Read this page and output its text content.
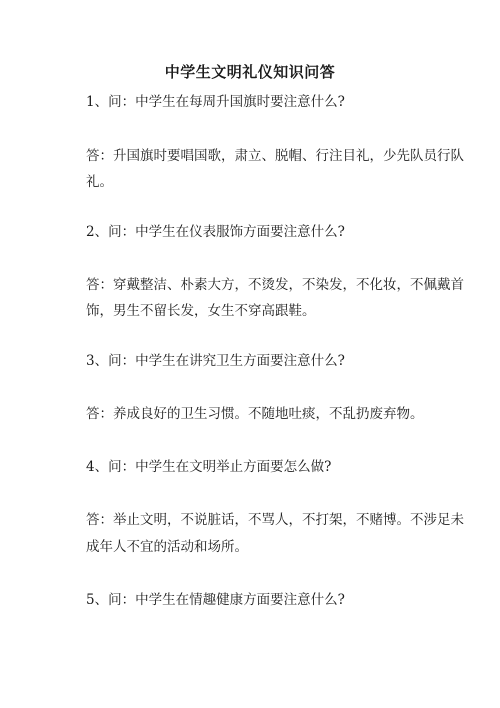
中学生文明礼仪知识问答
1、问：中学生在每周升国旗时要注意什么?
答：升国旗时要唱国歌，肃立、脱帽、行注目礼，少先队员行队
礼。
2、问：中学生在仪表服饰方面要注意什么?
答：穿戴整洁、朴素大方，不烫发，不染发，不化妆，不佩戴首
饰，男生不留长发，女生不穿高跟鞋。
3、问：中学生在讲究卫生方面要注意什么?
答：养成良好的卫生习惯。不随地吐痰，不乱扔废弃物。
4、问：中学生在文明举止方面要怎么做?
答：举止文明，不说脏话，不骂人，不打架，不赌博。不涉足未
成年人不宜的活动和场所。
5、问：中学生在情趣健康方面要注意什么?
